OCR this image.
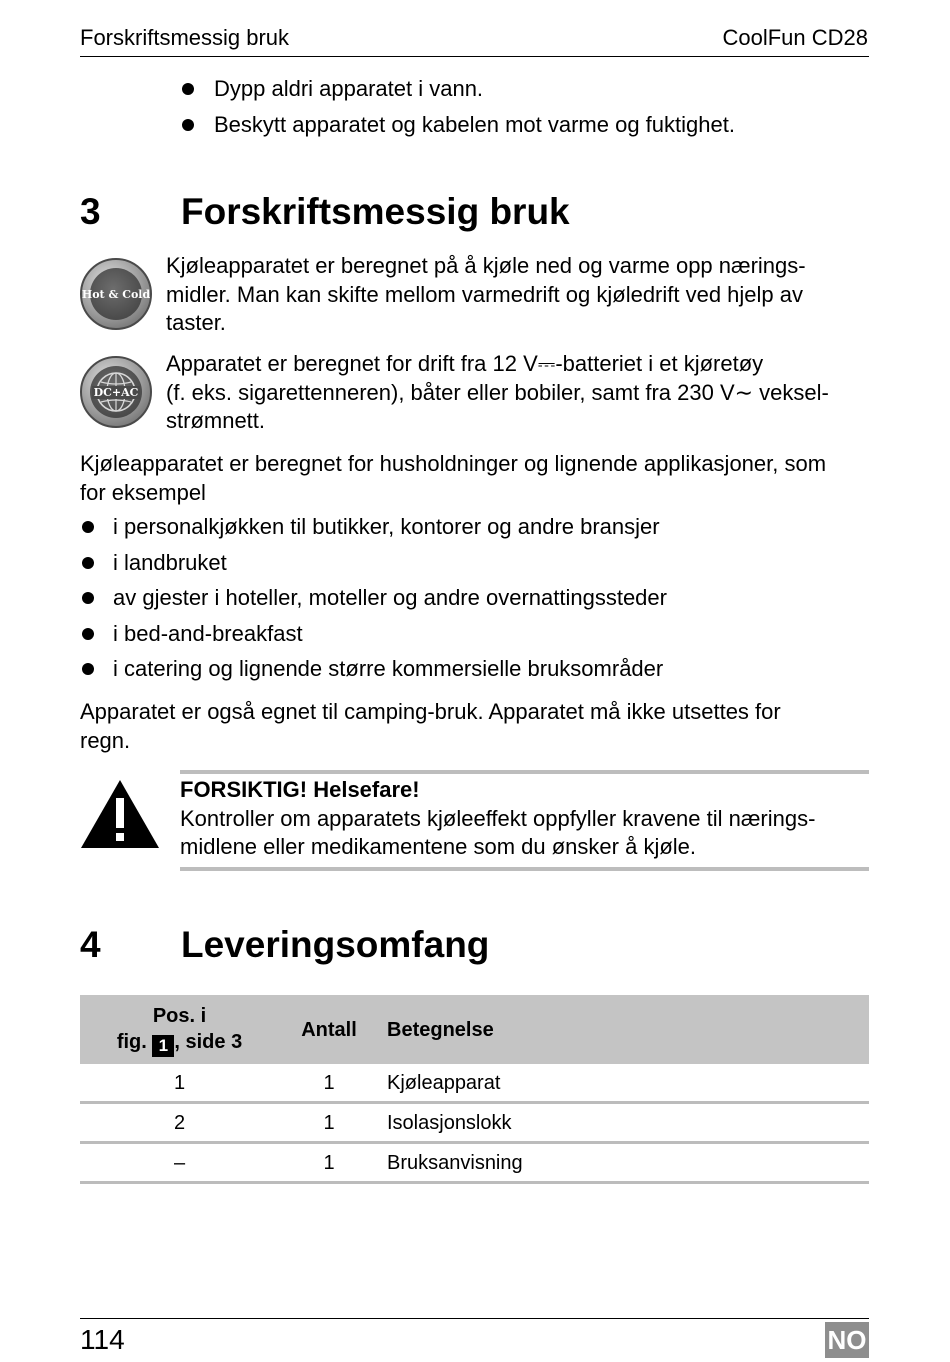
Forskriftsmessig bruk	CoolFun CD28
Dypp aldri apparatet i vann.
Beskytt apparatet og kabelen mot varme og fuktighet.
3 Forskriftsmessig bruk
Hot & Cold
Kjøleapparatet er beregnet på å kjøle ned og varme opp nærings-
midler. Man kan skifte mellom varmedrift og kjøledrift ved hjelp av
taster.
DC+AC
Apparatet er beregnet for drift fra 12 V⎓-batteriet i et kjøretøy
(f. eks. sigarettenneren), båter eller bobiler, samt fra 230 V∼ veksel-
strømnett.
Kjøleapparatet er beregnet for husholdninger og lignende applikasjoner, som
for eksempel
i personalkjøkken til butikker, kontorer og andre bransjer
i landbruket
av gjester i hoteller, moteller og andre overnattingssteder
i bed-and-breakfast
i catering og lignende større kommersielle bruksområder
Apparatet er også egnet til camping-bruk. Apparatet må ikke utsettes for
regn.
FORSIKTIG! Helsefare!
Kontroller om apparatets kjøleeffekt oppfyller kravene til nærings-
midlene eller medikamentene som du ønsker å kjøle.
4 Leveringsomfang
Pos. i
fig. 1 , side 3	Antall	Betegnelse
1	1	Kjøleapparat
2	1	Isolasjonslokk
–	1	Bruksanvisning
114	NO
